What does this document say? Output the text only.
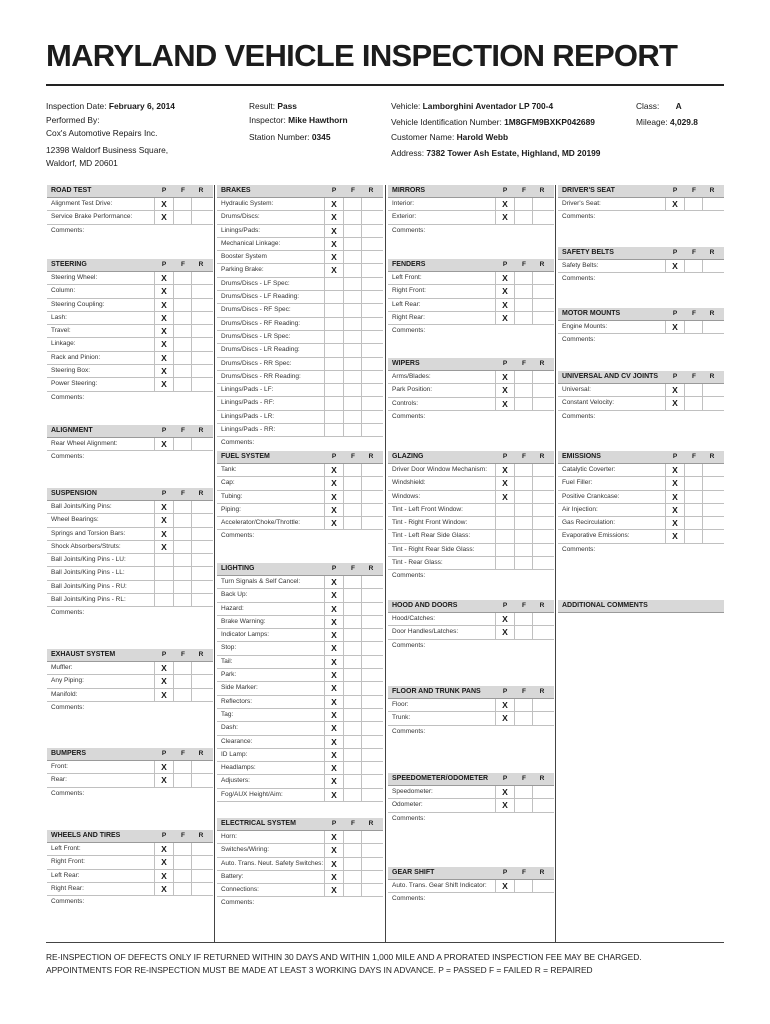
MARYLAND VEHICLE INSPECTION REPORT
Inspection Date: February 6, 2014
Performed By:
Cox's Automotive Repairs Inc.
12398 Waldorf Business Square,
Waldorf, MD 20601
Result: Pass
Inspector: Mike Hawthorn
Station Number: 0345
Vehicle: Lamborghini Aventador LP 700-4
Vehicle Identification Number: 1M8GFM9BXKP042689
Customer Name: Harold Webb
Address: 7382 Tower Ash Estate, Highland, MD 20199
Class: A
Mileage: 4,029.8
ROAD TEST	P	F	R
Alignment Test Drive:	X
Service Brake Performance:	X
Comments:
STEERING	P	F	R
Steering Wheel:	X
Column:	X
Steering Coupling:	X
Lash:	X
Travel:	X
Linkage:	X
Rack and Pinion:	X
Steering Box:	X
Power Steering:	X
Comments:
ALIGNMENT	P	F	R
Rear Wheel Alignment:	X
Comments:
SUSPENSION	P	F	R
Ball Joints/King Pins:	X
Wheel Bearings:	X
Springs and Torsion Bars:	X
Shock Absorbers/Struts:	X
Ball Joints/King Pins - LU:
Ball Joints/King Pins - LL:
Ball Joints/King Pins - RU:
Ball Joints/King Pins - RL:
Comments:
EXHAUST SYSTEM	P	F	R
Muffler:	X
Any Piping:	X
Manifold:	X
Comments:
BUMPERS	P	F	R
Front:	X
Rear:	X
Comments:
WHEELS AND TIRES	P	F	R
Left Front:	X
Right Front:	X
Left Rear:	X
Right Rear:	X
Comments:
BRAKES	P	F	R
Hydraulic System:	X
Drums/Discs:	X
Linings/Pads:	X
Mechanical Linkage:	X
Booster System	X
Parking Brake:	X
Drums/Discs - LF Spec:
Drums/Discs - LF Reading:
Drums/Discs - RF Spec:
Drums/Discs - RF Reading:
Drums/Discs - LR Spec:
Drums/Discs - LR Reading:
Drums/Discs - RR Spec:
Drums/Discs - RR Reading:
Linings/Pads - LF:
Linings/Pads - RF:
Linings/Pads - LR:
Linings/Pads - RR:
Comments:
FUEL SYSTEM	P	F	R
Tank:	X
Cap:	X
Tubing:	X
Piping:	X
Accelerator/Choke/Throttle:	X
Comments:
LIGHTING	P	F	R
Turn Signals & Self Cancel:	X
Back Up:	X
Hazard:	X
Brake Warning:	X
Indicator Lamps:	X
Stop:	X
Tail:	X
Park:	X
Side Marker:	X
Reflectors:	X
Tag:	X
Dash:	X
Clearance:	X
ID Lamp:	X
Headlamps:	X
Adjusters:	X
Fog/AUX Height/Aim:	X
ELECTRICAL SYSTEM	P	F	R
Horn:	X
Switches/Wiring:	X
Auto. Trans. Neut. Safety Switches: X
Battery:	X
Connections:	X
Comments:
MIRRORS	P	F	R
Interior:	X
Exterior:	X
Comments:
FENDERS	P	F	R
Left Front:	X
Right Front:	X
Left Rear:	X
Right Rear:	X
Comments:
WIPERS	P	F	R
Arms/Blades:	X
Park Position:	X
Controls:	X
Comments:
GLAZING	P	F	R
Driver Door Window Mechanism:	X
Windshield:	X
Windows:	X
Tint - Left Front Window:
Tint - Right Front Window:
Tint - Left Rear Side Glass:
Tint - Right Rear Side Glass:
Tint - Rear Glass:
Comments:
HOOD AND DOORS	P	F	R
Hood/Catches:	X
Door Handles/Latches:	X
Comments:
FLOOR AND TRUNK PANS	P	F	R
Floor:	X
Trunk:	X
Comments:
SPEEDOMETER/ODOMETER	P	F	R
Speedometer:	X
Odometer:	X
Comments:
GEAR SHIFT	P	F	R
Auto. Trans. Gear Shift Indicator:	X
Comments:
DRIVER'S SEAT	P	F	R
Driver's Seat:	X
Comments:
SAFETY BELTS	P	F	R
Safety Belts:	X
Comments:
MOTOR MOUNTS	P	F	R
Engine Mounts:	X
Comments:
UNIVERSAL AND CV JOINTS	P	F	R
Universal:	X
Constant Velocity:	X
Comments:
EMISSIONS	P	F	R
Catalytic Coverter:	X
Fuel Filler:	X
Positive Crankcase:	X
Air Injection:	X
Gas Recirculation:	X
Evaporative Emissions:	X
Comments:
ADDITIONAL COMMENTS
RE-INSPECTION OF DEFECTS ONLY IF RETURNED WITHIN 30 DAYS AND WITHIN 1,000 MILE AND A PRORATED INSPECTION FEE MAY BE CHARGED.
APPOINTMENTS FOR RE-INSPECTION MUST BE MADE AT LEAST 3 WORKING DAYS IN ADVANCE. P = PASSED F = FAILED R = REPAIRED
